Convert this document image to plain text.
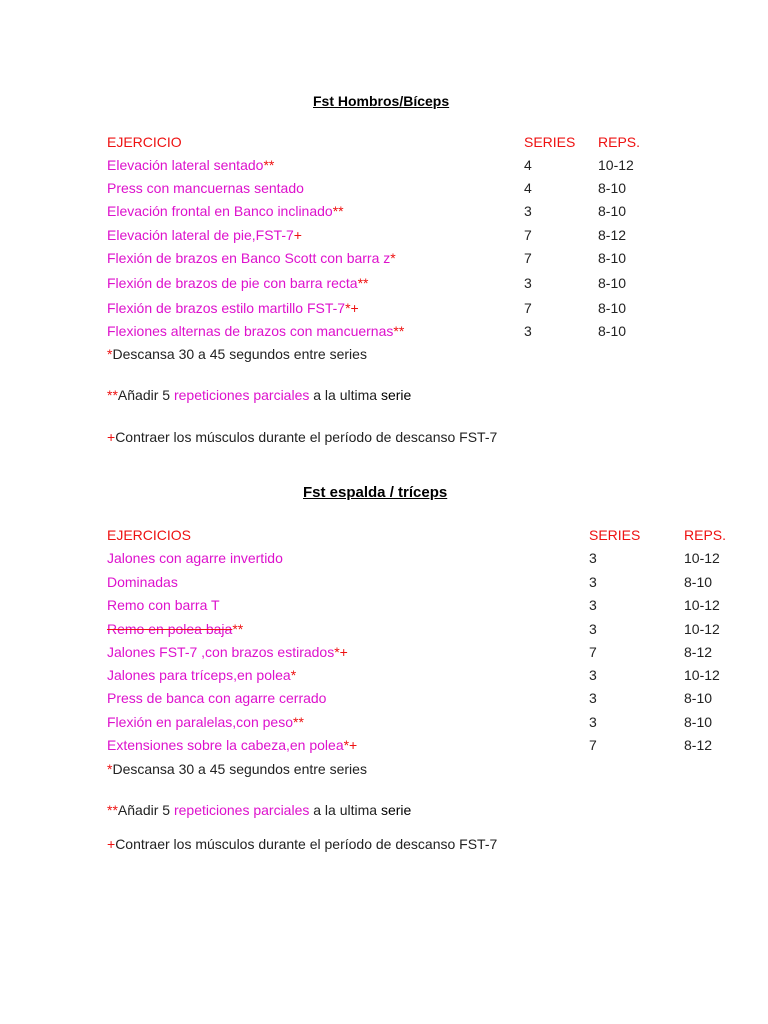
Fst Hombros/Bíceps
EJERCICIO	SERIES REPS.
Elevación lateral sentado**	4	10-12
Press con mancuernas sentado	4	8-10
Elevación frontal en Banco inclinado**	3	8-10
Elevación lateral de pie,FST-7+	7	8-12
Flexión de brazos en Banco Scott con barra z*	7	8-10
Flexión de brazos de pie con barra recta**	3	8-10
Flexión de brazos estilo martillo FST-7*+	7	8-10
Flexiones alternas de brazos con mancuernas**	3	8-10
*Descansa 30 a 45 segundos entre series
**Añadir 5 repeticiones parciales a la ultima serie
+Contraer los músculos durante el período de descanso FST-7
Fst espalda / tríceps
EJERCICIOS	SERIES	REPS.
Jalones con agarre invertido	3	10-12
Dominadas	3	8-10
Remo con barra T	3	10-12
Remo en polea baja**	3	10-12
Jalones FST-7 ,con brazos estirados*+	7	8-12
Jalones para tríceps,en polea*	3	10-12
Press de banca con agarre cerrado	3	8-10
Flexión en paralelas,con peso**	3	8-10
Extensiones sobre la cabeza,en polea*+	7	8-12
*Descansa 30 a 45 segundos entre series
**Añadir 5 repeticiones parciales a la ultima serie
+Contraer los músculos durante el período de descanso FST-7
